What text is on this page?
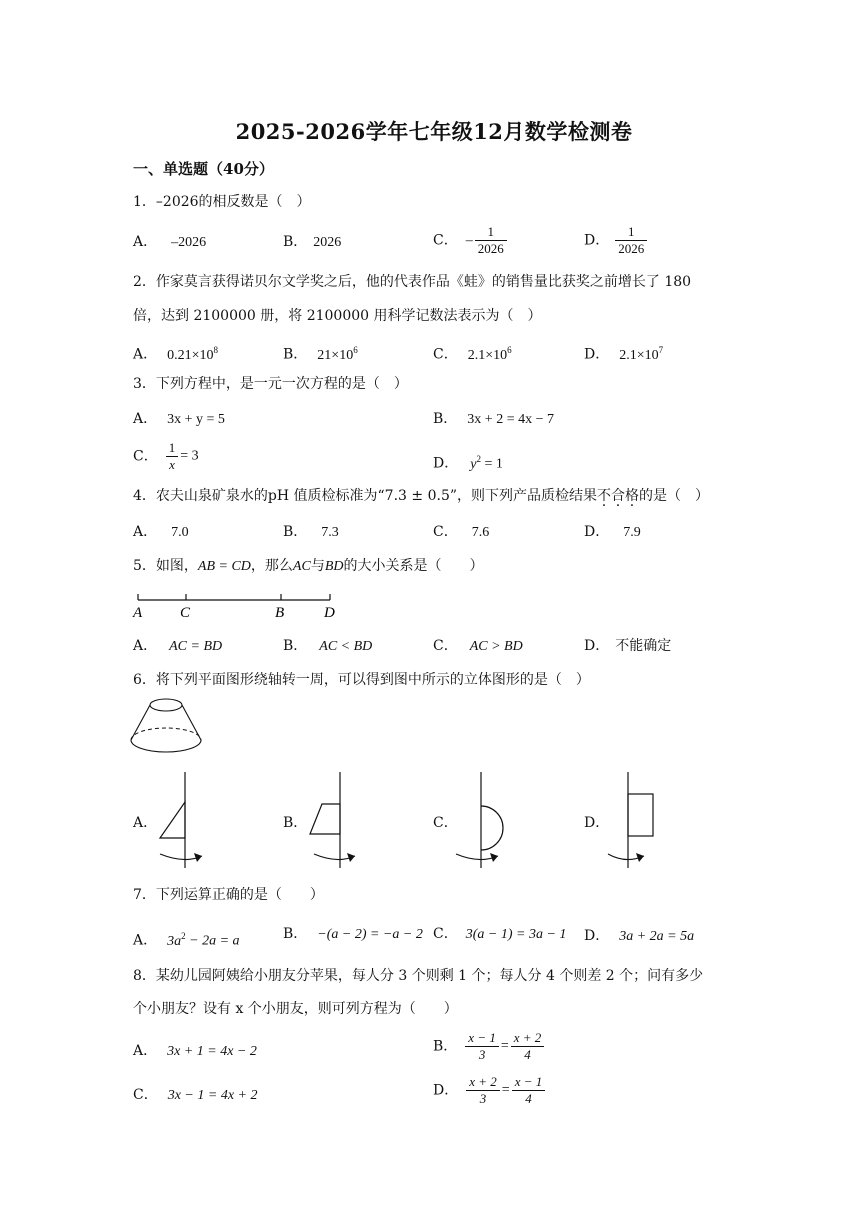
2025-2026学年七年级12月数学检测卷
一、单选题（40分）
1．–2026的相反数是（　）
A． –2026	B． 2026	C． – $\frac{1}{2026}$	D． $\frac{1}{2026}$
2．作家莫言获得诺贝尔文学奖之后，他的代表作品《蛙》的销售量比获奖之前增长了 180
倍，达到 2100000 册，将 2100000 用科学记数法表示为（　）
A． $0.21\times 10^8$	B． $21\times 10^6$	C． $2.1\times 10^6$	D． $2.1\times 10^7$
3．下列方程中，是一元一次方程的是（　）
A． 3x + y = 5	B． 3x + 2 = 4x − 7
C． $\frac{1}{x} = 3$	D． $y^2 = 1$
4．农夫山泉矿泉水的pH 值质检标准为“7.3 ± 0.5”，则下列产品质检结果不合格的是（　）
A． 7.0	B． 7.3	C． 7.6	D． 7.9
5．如图，AB = CD，那么AC与BD的大小关系是（　　）
A	C	B	D
A． AC = BD	B． AC < BD	C． AC > BD	D． 不能确定
6．将下列平面图形绕轴转一周，可以得到图中所示的立体图形的是（　）
A．	B．	C．	D．
7．下列运算正确的是（　　）
A． $3a^2 - 2a = a$	B． −(a − 2) = −a − 2 C． 3(a − 1) = 3a − 1 D． 3a + 2a = 5a
8．某幼儿园阿姨给小朋友分苹果，每人分 3 个则剩 1 个；每人分 4 个则差 2 个；问有多少
个小朋友？设有 x 个小朋友，则可列方程为（　　）
A． 3x + 1 = 4x − 2	B． $\frac{x - 1}{3} = \frac{x + 2}{4}$
C． 3x − 1 = 4x + 2	D． $\frac{x + 2}{3} = \frac{x - 1}{4}$
